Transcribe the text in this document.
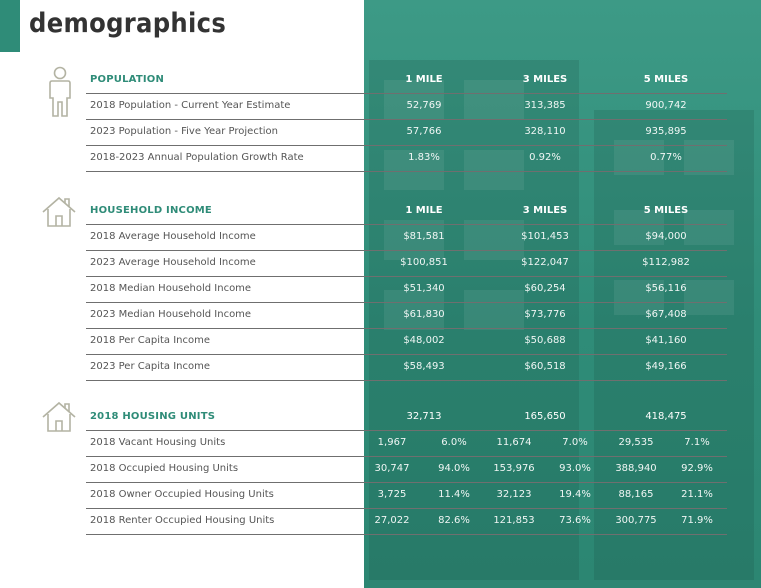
demographics
POPULATION	1 MILE	3 MILES	5 MILES
2018 Population - Current Year Estimate	52,769	313,385	900,742
2023 Population - Five Year Projection	57,766	328,110	935,895
2018-2023 Annual Population Growth Rate	1.83%	0.92%	0.77%
HOUSEHOLD INCOME	1 MILE	3 MILES	5 MILES
2018 Average Household Income	$81,581	$101,453	$94,000
2023 Average Household Income	$100,851	$122,047	$112,982
2018 Median Household Income	$51,340	$60,254	$56,116
2023 Median Household Income	$61,830	$73,776	$67,408
2018 Per Capita Income	$48,002	$50,688	$41,160
2023 Per Capita Income	$58,493	$60,518	$49,166
2018 HOUSING UNITS	32,713	165,650	418,475
2018 Vacant Housing Units	1,967	6.0%	11,674	7.0%	29,535	7.1%
2018 Occupied Housing Units	30,747	94.0%	153,976	93.0%	388,940	92.9%
2018 Owner Occupied Housing Units	3,725	11.4%	32,123	19.4%	88,165	21.1%
2018 Renter Occupied Housing Units	27,022	82.6%	121,853	73.6%	300,775	71.9%
